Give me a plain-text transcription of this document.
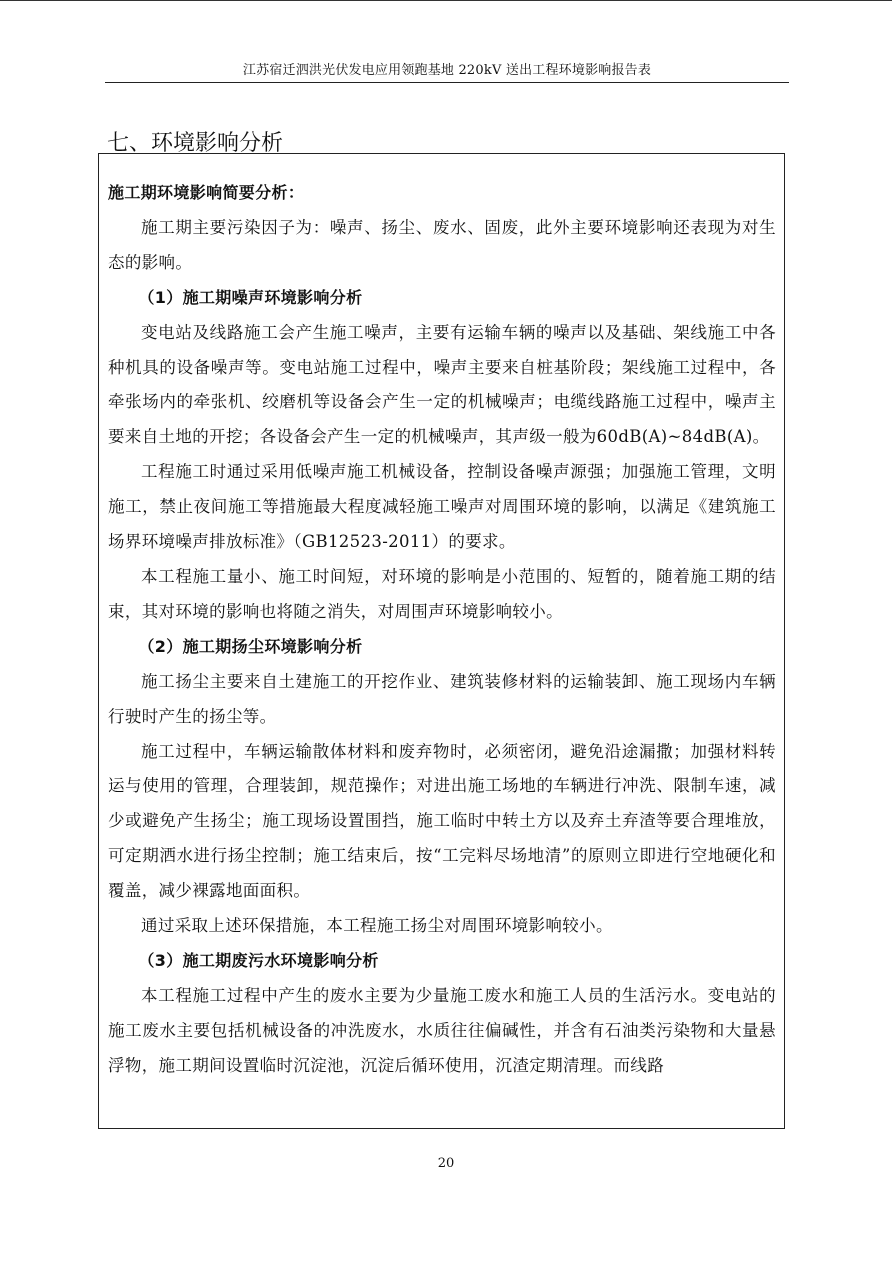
江苏宿迁泗洪光伏发电应用领跑基地 220kV 送出工程环境影响报告表
七、环境影响分析

施工期环境影响简要分析：

施工期主要污染因子为：噪声、扬尘、废水、固废，此外主要环境影响还表现为对生态的影响。

（1）施工期噪声环境影响分析

变电站及线路施工会产生施工噪声，主要有运输车辆的噪声以及基础、架线施工中各种机具的设备噪声等。变电站施工过程中，噪声主要来自桩基阶段；架线施工过程中，各牵张场内的牵张机、绞磨机等设备会产生一定的机械噪声；电缆线路施工过程中，噪声主要来自土地的开挖；各设备会产生一定的机械噪声，其声级一般为60dB(A)~84dB(A)。

工程施工时通过采用低噪声施工机械设备，控制设备噪声源强；加强施工管理，文明施工，禁止夜间施工等措施最大程度减轻施工噪声对周围环境的影响，以满足《建筑施工场界环境噪声排放标准》（GB12523-2011）的要求。

本工程施工量小、施工时间短，对环境的影响是小范围的、短暂的，随着施工期的结束，其对环境的影响也将随之消失，对周围声环境影响较小。

（2）施工期扬尘环境影响分析

施工扬尘主要来自土建施工的开挖作业、建筑装修材料的运输装卸、施工现场内车辆行驶时产生的扬尘等。

施工过程中，车辆运输散体材料和废弃物时，必须密闭，避免沿途漏撒；加强材料转运与使用的管理，合理装卸，规范操作；对进出施工场地的车辆进行冲洗、限制车速，减少或避免产生扬尘；施工现场设置围挡，施工临时中转土方以及弃土弃渣等要合理堆放，可定期洒水进行扬尘控制；施工结束后，按“工完料尽场地清”的原则立即进行空地硬化和覆盖，减少裸露地面面积。

通过采取上述环保措施，本工程施工扬尘对周围环境影响较小。

（3）施工期废污水环境影响分析

本工程施工过程中产生的废水主要为少量施工废水和施工人员的生活污水。变电站的施工废水主要包括机械设备的冲洗废水，水质往往偏碱性，并含有石油类污染物和大量悬浮物，施工期间设置临时沉淀池，沉淀后循环使用，沉渣定期清理。而线路

20
